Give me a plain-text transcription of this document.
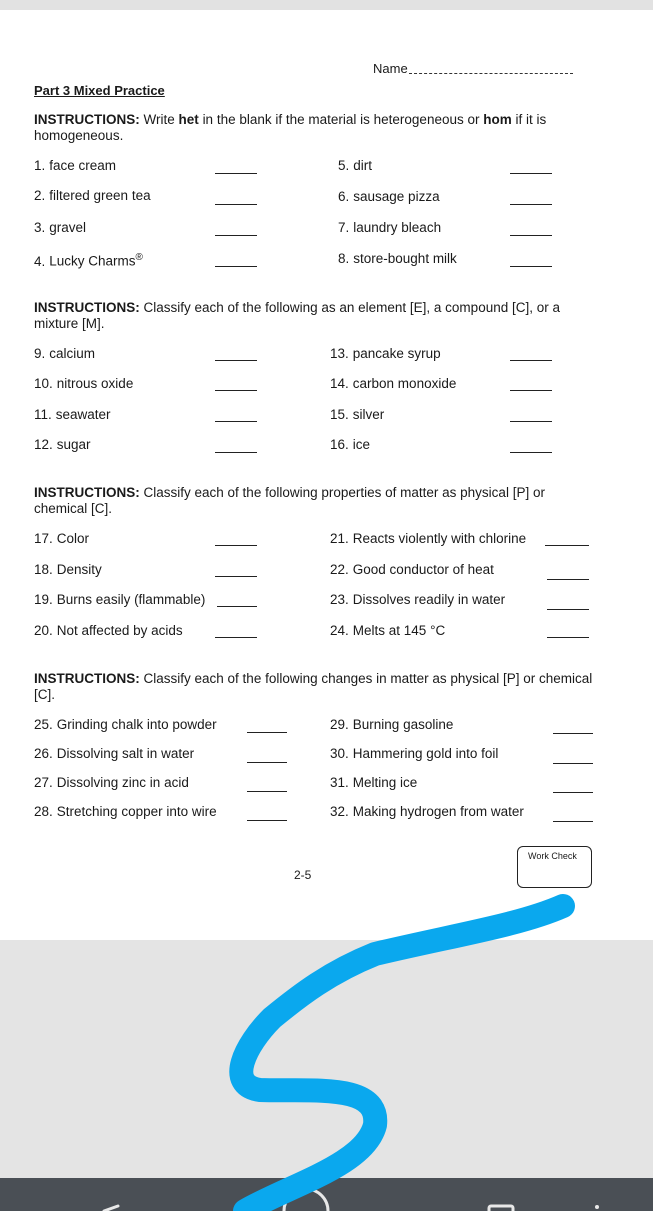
Name
Part 3 Mixed Practice
INSTRUCTIONS: Write het in the blank if the material is heterogeneous or hom if it is homogeneous.
1. face cream
2. filtered green tea
3. gravel
4. Lucky Charms®
5. dirt
6. sausage pizza
7. laundry bleach
8. store-bought milk
INSTRUCTIONS: Classify each of the following as an element [E], a compound [C], or a mixture [M].
9. calcium
10. nitrous oxide
11. seawater
12. sugar
13. pancake syrup
14. carbon monoxide
15. silver
16. ice
INSTRUCTIONS: Classify each of the following properties of matter as physical [P] or chemical [C].
17. Color
18. Density
19. Burns easily (flammable)
20. Not affected by acids
21. Reacts violently with chlorine
22. Good conductor of heat
23. Dissolves readily in water
24. Melts at 145 °C
INSTRUCTIONS: Classify each of the following changes in matter as physical [P] or chemical [C].
25. Grinding chalk into powder
26. Dissolving salt in water
27. Dissolving zinc in acid
28. Stretching copper into wire
29. Burning gasoline
30. Hammering gold into foil
31. Melting ice
32. Making hydrogen from water
2-5
Work Check
